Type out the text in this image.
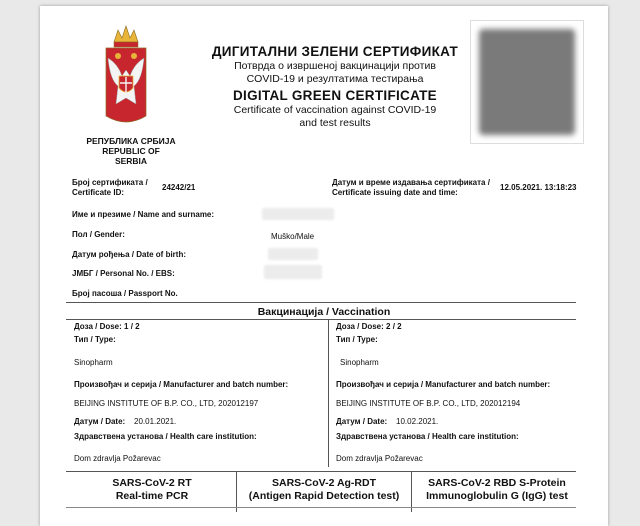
РЕПУБЛИКА СРБИЈА
REPUBLIC OF SERBIA
ДИГИТАЛНИ ЗЕЛЕНИ СЕРТИФИКАТ
Потврда о извршеној вакцинацији против
COVID-19 и резултатима тестирања
DIGITAL GREEN CERTIFICATE
Certificate of vaccination against COVID-19
and test results
Број сертификата /
Certificate ID:
24242/21
Датум и време издавања сертификата /
Certificate issuing date and time:
12.05.2021. 13:18:23
Име и презиме / Name and surname:
Пол / Gender:	Muško/Male
Датум рођења / Date of birth:
ЈМБГ / Personal No. / EBS:
Број пасоша / Passport No.
Вакцинација / Vaccination
Доза / Dose: 1 / 2
Тип / Type:
Sinopharm
Произвођач и серија / Manufacturer and batch number:
BEIJING INSTITUTE OF B.P. CO., LTD, 202012197
Датум / Date: 20.01.2021.
Здравствена установа / Health care institution:
Dom zdravlja Požarevac
Доза / Dose: 2 / 2
Тип / Type:
Sinopharm
Произвођач и серија / Manufacturer and batch number:
BEIJING INSTITUTE OF B.P. CO., LTD, 202012194
Датум / Date: 10.02.2021.
Здравствена установа / Health care institution:
Dom zdravlja Požarevac
SARS-CoV-2 RT
Real-time PCR
SARS-CoV-2 Ag-RDT
(Antigen Rapid Detection test)
SARS-CoV-2 RBD S-Protein
Immunoglobulin G (IgG) test
